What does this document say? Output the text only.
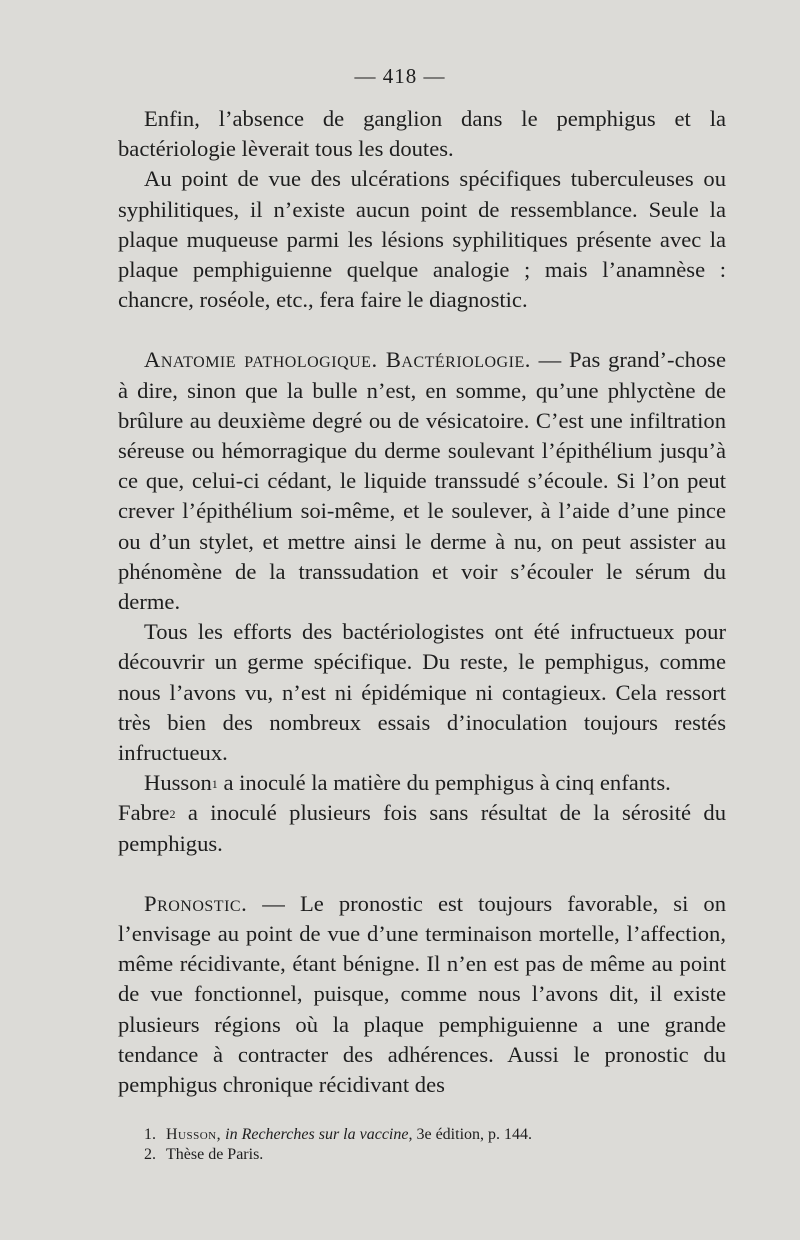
— 418 —

Enfin, l’absence de ganglion dans le pemphigus et la bactériologie lèverait tous les doutes.

Au point de vue des ulcérations spécifiques tuberculeuses ou syphilitiques, il n’existe aucun point de ressemblance. Seule la plaque muqueuse parmi les lésions syphilitiques présente avec la plaque pemphiguienne quelque analogie ; mais l’anamnèse : chancre, roséole, etc., fera faire le diagnostic.

Anatomie pathologique. Bactériologie. — Pas grand’-chose à dire, sinon que la bulle n’est, en somme, qu’une phlyctène de brûlure au deuxième degré ou de vésicatoire. C’est une infiltration séreuse ou hémorragique du derme soulevant l’épithélium jusqu’à ce que, celui-ci cédant, le liquide transsudé s’écoule. Si l’on peut crever l’épithélium soi-même, et le soulever, à l’aide d’une pince ou d’un stylet, et mettre ainsi le derme à nu, on peut assister au phénomène de la transsudation et voir s’écouler le sérum du derme.

Tous les efforts des bactériologistes ont été infructueux pour découvrir un germe spécifique. Du reste, le pemphigus, comme nous l’avons vu, n’est ni épidémique ni contagieux. Cela ressort très bien des nombreux essais d’inoculation toujours restés infructueux.

Husson$^1$ a inoculé la matière du pemphigus à cinq enfants.
Fabre$^2$ a inoculé plusieurs fois sans résultat de la sérosité du pemphigus.

Pronostic. — Le pronostic est toujours favorable, si on l’envisage au point de vue d’une terminaison mortelle, l’affection, même récidivante, étant bénigne. Il n’en est pas de même au point de vue fonctionnel, puisque, comme nous l’avons dit, il existe plusieurs régions où la plaque pemphiguienne a une grande tendance à contracter des adhérences. Aussi le pronostic du pemphigus chronique récidivant des

1. Husson, in Recherches sur la vaccine, 3e édition, p. 144.
2. Thèse de Paris.
